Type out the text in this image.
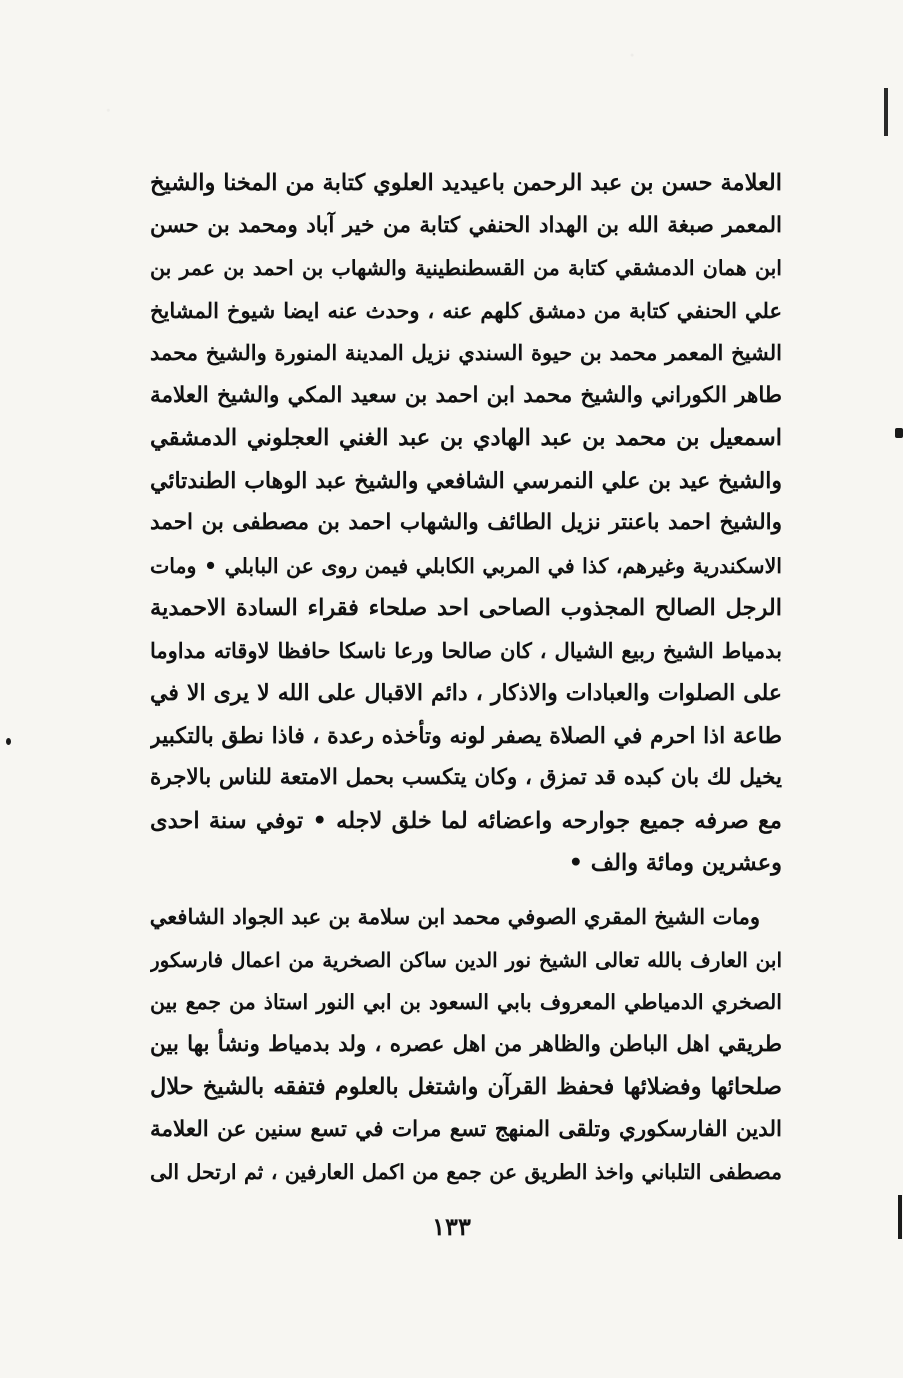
العلامة حسن بن عبد الرحمن باعيديد العلوي كتابة من المخنا والشيخ
المعمر صبغة الله بن الهداد الحنفي كتابة من خير آباد ومحمد بن حسن
ابن همان الدمشقي كتابة من القسطنطينية والشهاب بن احمد بن عمر بن
علي الحنفي كتابة من دمشق كلهم عنه ، وحدث عنه ايضا شيوخ المشايخ
الشيخ المعمر محمد بن حيوة السندي نزيل المدينة المنورة والشيخ محمد
طاهر الكوراني والشيخ محمد ابن احمد بن سعيد المكي والشيخ العلامة
اسمعيل بن محمد بن عبد الهادي بن عبد الغني العجلوني الدمشقي
والشيخ عيد بن علي النمرسي الشافعي والشيخ عبد الوهاب الطندتائي
والشيخ احمد باعنتر نزيل الطائف والشهاب احمد بن مصطفى بن احمد
الاسكندرية وغيرهم، كذا في المربي الكابلي فيمن روى عن البابلي • ومات
الرجل الصالح المجذوب الصاحى احد صلحاء فقراء السادة الاحمدية
بدمياط الشيخ ربيع الشيال ، كان صالحا ورعا ناسكا حافظا لاوقاته مداوما
على الصلوات والعبادات والاذكار ، دائم الاقبال على الله لا يرى الا في
طاعة اذا احرم في الصلاة يصفر لونه وتأخذه رعدة ، فاذا نطق بالتكبير
يخيل لك بان كبده قد تمزق ، وكان يتكسب بحمل الامتعة للناس بالاجرة
مع صرفه جميع جوارحه واعضائه لما خلق لاجله • توفي سنة احدى
وعشرين ومائة والف •
ومات الشيخ المقري الصوفي محمد ابن سلامة بن عبد الجواد الشافعي
ابن العارف بالله تعالى الشيخ نور الدين ساكن الصخرية من اعمال فارسكور
الصخري الدمياطي المعروف بابي السعود بن ابي النور استاذ من جمع بين
طريقي اهل الباطن والظاهر من اهل عصره ، ولد بدمياط ونشأ بها بين
صلحائها وفضلائها فحفظ القرآن واشتغل بالعلوم فتفقه بالشيخ حلال
الدين الفارسكوري وتلقى المنهج تسع مرات في تسع سنين عن العلامة
مصطفى التلباني واخذ الطريق عن جمع من اكمل العارفين ، ثم ارتحل الى
١٣٣
